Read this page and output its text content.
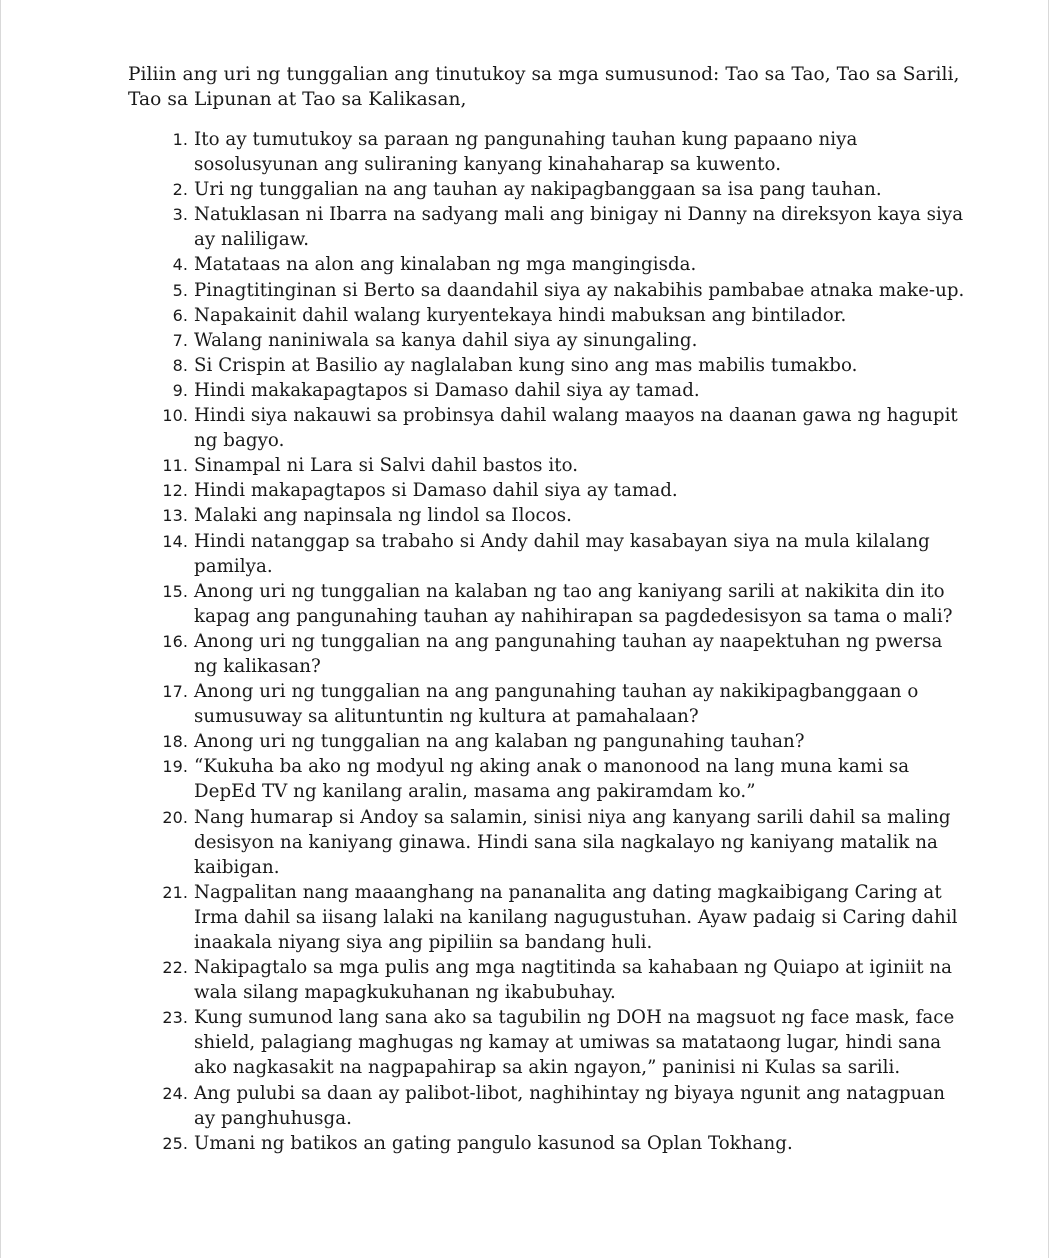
Piliin ang uri ng tunggalian ang tinutukoy sa mga sumusunod: Tao sa Tao, Tao sa Sarili, Tao sa Lipunan at Tao sa Kalikasan,

1. Ito ay tumutukoy sa paraan ng pangunahing tauhan kung papaano niya sosolusyunan ang suliraning kanyang kinahaharap sa kuwento.
2. Uri ng tunggalian na ang tauhan ay nakipagbanggaan sa isa pang tauhan.
3. Natuklasan ni Ibarra na sadyang mali ang binigay ni Danny na direksyon kaya siya ay naliligaw.
4. Matataas na alon ang kinalaban ng mga mangingisda.
5. Pinagtitinginan si Berto sa daandahil siya ay nakabihis pambabae atnaka make-up.
6. Napakainit dahil walang kuryentekaya hindi mabuksan ang bintilador.
7. Walang naniniwala sa kanya dahil siya ay sinungaling.
8. Si Crispin at Basilio ay naglalaban kung sino ang mas mabilis tumakbo.
9. Hindi makakapagtapos si Damaso dahil siya ay tamad.
10. Hindi siya nakauwi sa probinsya dahil walang maayos na daanan gawa ng hagupit ng bagyo.
11. Sinampal ni Lara si Salvi dahil bastos ito.
12. Hindi makapagtapos si Damaso dahil siya ay tamad.
13. Malaki ang napinsala ng lindol sa Ilocos.
14. Hindi natanggap sa trabaho si Andy dahil may kasabayan siya na mula kilalang pamilya.
15. Anong uri ng tunggalian na kalaban ng tao ang kaniyang sarili at nakikita din ito kapag ang pangunahing tauhan ay nahihirapan sa pagdedesisyon sa tama o mali?
16. Anong uri ng tunggalian na ang pangunahing tauhan ay naapektuhan ng pwersa ng kalikasan?
17. Anong uri ng tunggalian na ang pangunahing tauhan ay nakikipagbanggaan o sumusuway sa alituntuntin ng kultura at pamahalaan?
18. Anong uri ng tunggalian na ang kalaban ng pangunahing tauhan?
19. “Kukuha ba ako ng modyul ng aking anak o manonood na lang muna kami sa DepEd TV ng kanilang aralin, masama ang pakiramdam ko.”
20. Nang humarap si Andoy sa salamin, sinisi niya ang kanyang sarili dahil sa maling desisyon na kaniyang ginawa. Hindi sana sila nagkalayo ng kaniyang matalik na kaibigan.
21. Nagpalitan nang maaanghang na pananalita ang dating magkaibigang Caring at Irma dahil sa iisang lalaki na kanilang nagugustuhan. Ayaw padaig si Caring dahil inaakala niyang siya ang pipiliin sa bandang huli.
22. Nakipagtalo sa mga pulis ang mga nagtitinda sa kahabaan ng Quiapo at iginiit na wala silang mapagkukuhanan ng ikabubuhay.
23. Kung sumunod lang sana ako sa tagubilin ng DOH na magsuot ng face mask, face shield, palagiang maghugas ng kamay at umiwas sa matataong lugar, hindi sana ako nagkasakit na nagpapahirap sa akin ngayon,” paninisi ni Kulas sa sarili.
24. Ang pulubi sa daan ay palibot-libot, naghihintay ng biyaya ngunit ang natagpuan ay panghuhusga.
25. Umani ng batikos an gating pangulo kasunod sa Oplan Tokhang.
